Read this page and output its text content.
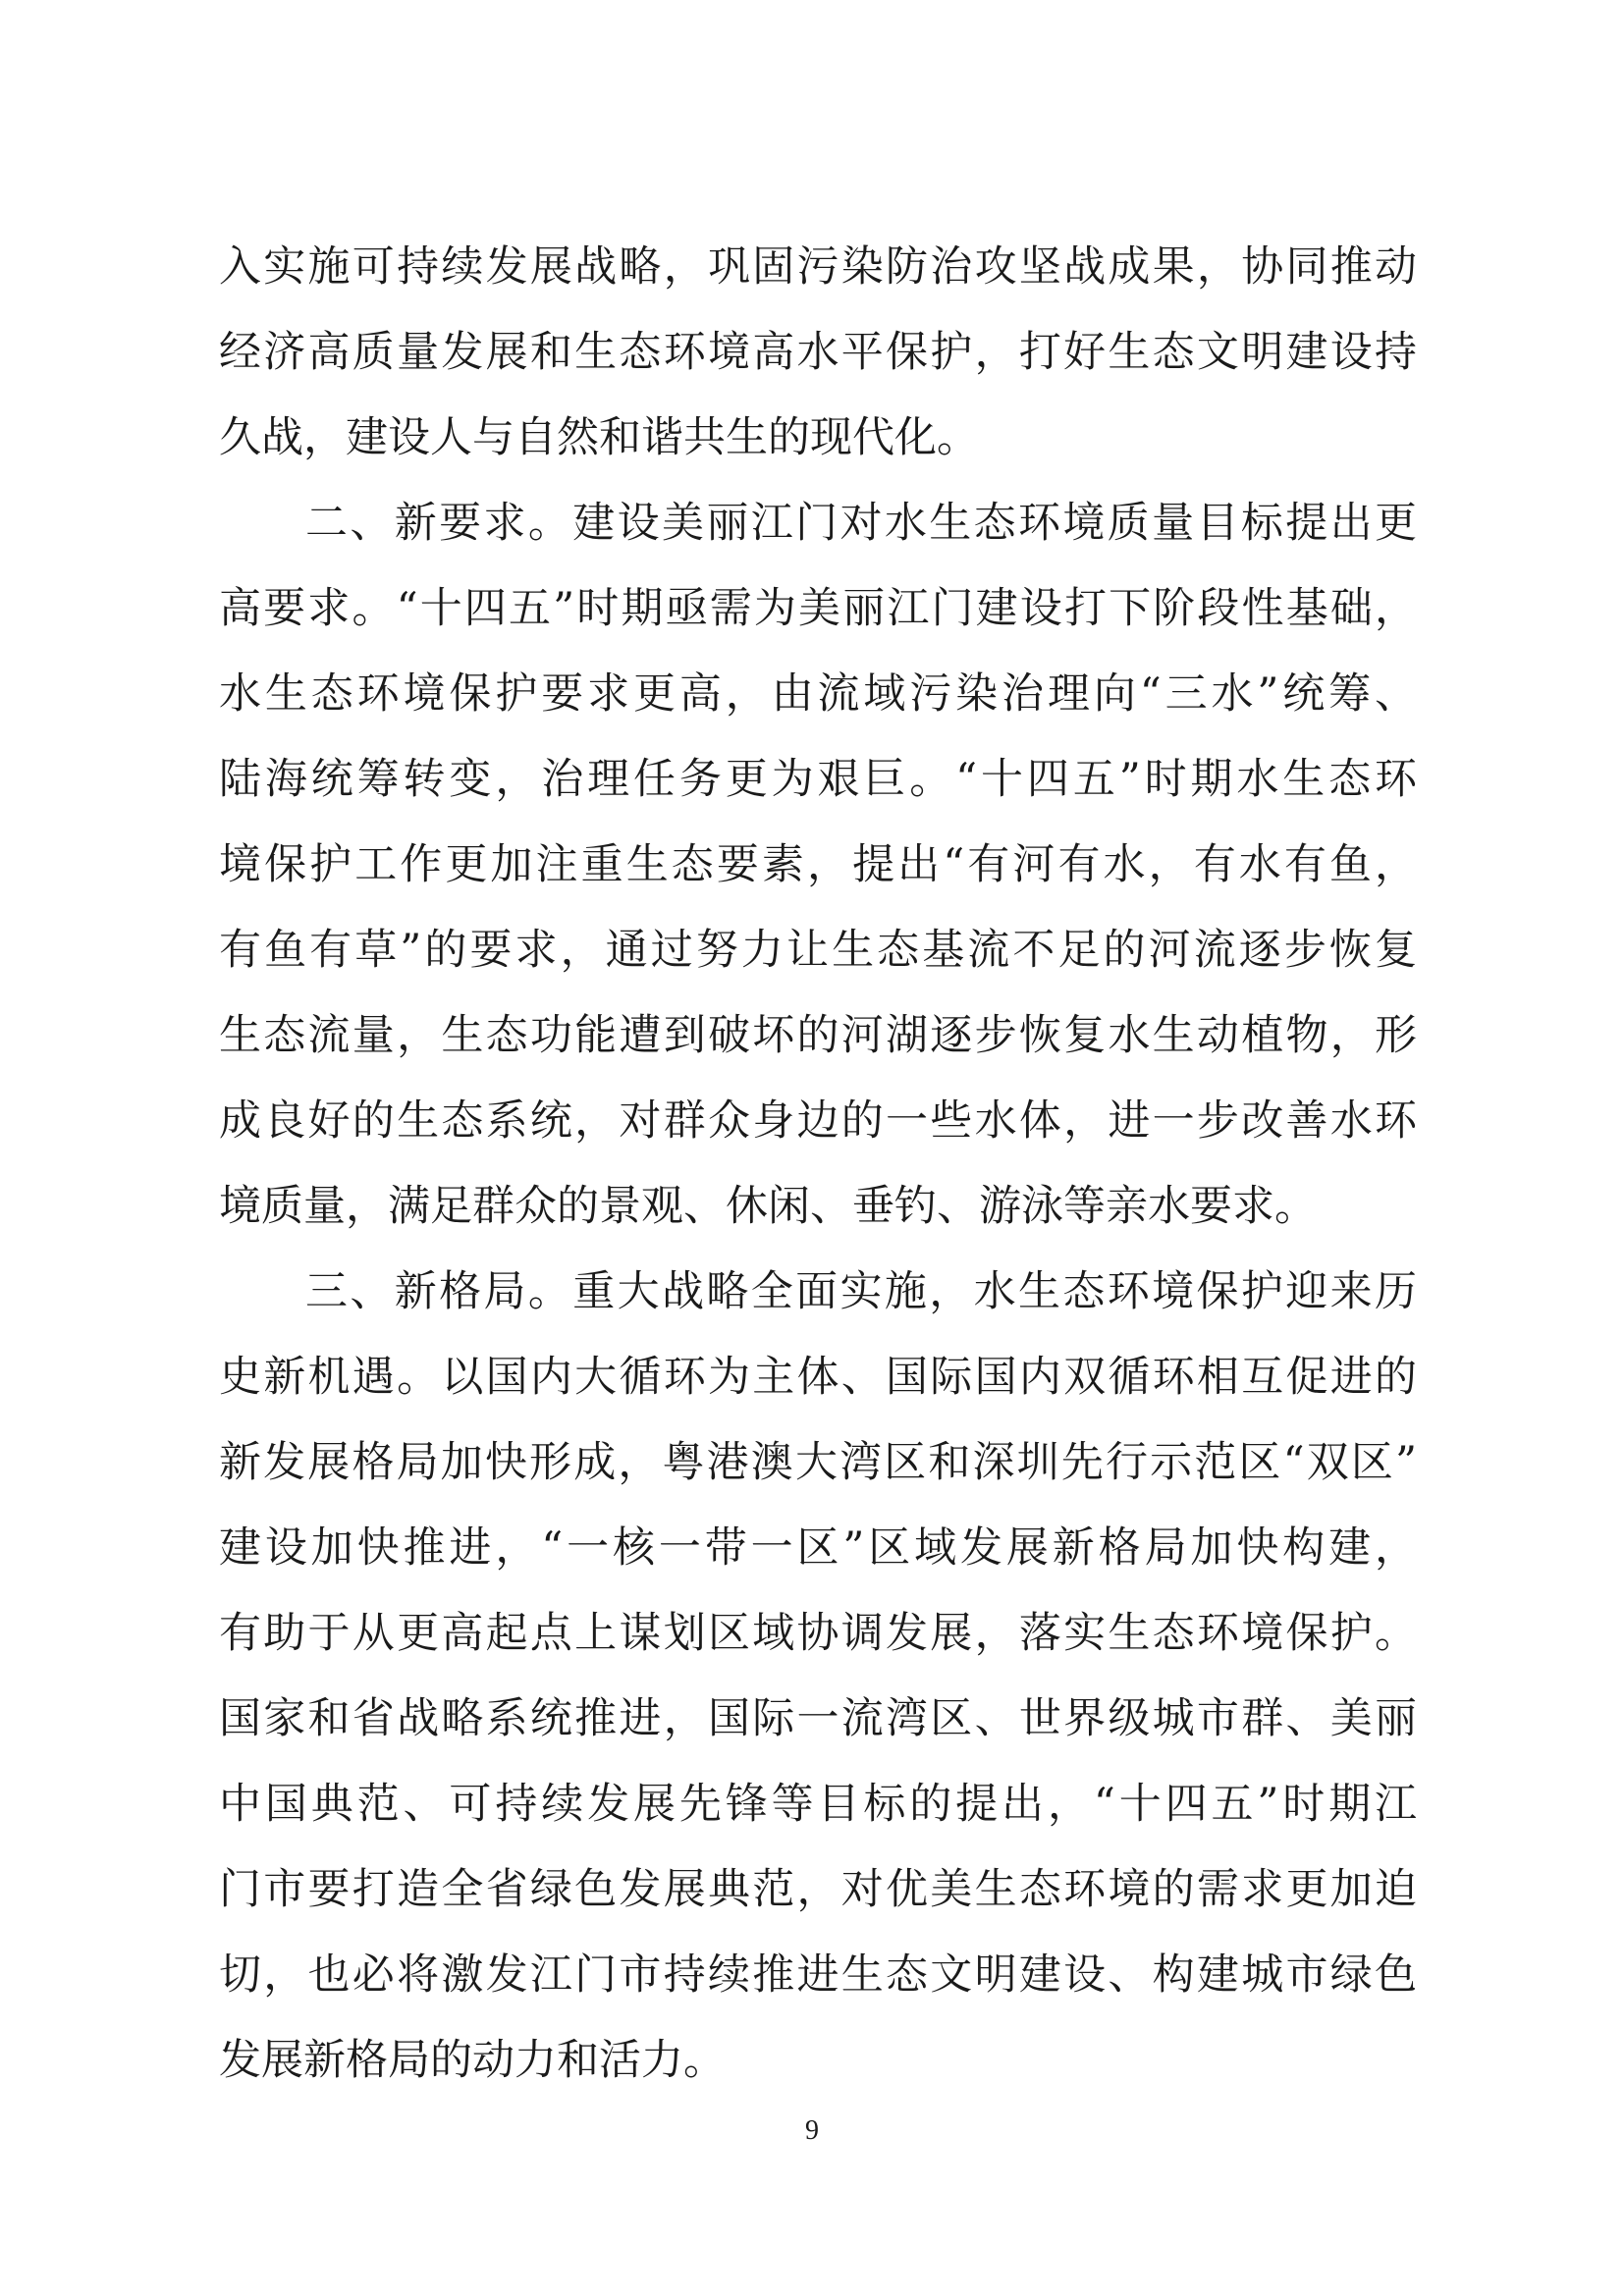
入实施可持续发展战略，巩固污染防治攻坚战成果，协同推动
经济高质量发展和生态环境高水平保护，打好生态文明建设持
久战，建设人与自然和谐共生的现代化。
二、新要求。建设美丽江门对水生态环境质量目标提出更
高要求。“十四五”时期亟需为美丽江门建设打下阶段性基础，
水生态环境保护要求更高，由流域污染治理向“三水”统筹、
陆海统筹转变，治理任务更为艰巨。“十四五”时期水生态环
境保护工作更加注重生态要素，提出“有河有水，有水有鱼，
有鱼有草”的要求，通过努力让生态基流不足的河流逐步恢复
生态流量，生态功能遭到破坏的河湖逐步恢复水生动植物，形
成良好的生态系统，对群众身边的一些水体，进一步改善水环
境质量，满足群众的景观、休闲、垂钓、游泳等亲水要求。
三、新格局。重大战略全面实施，水生态环境保护迎来历
史新机遇。以国内大循环为主体、国际国内双循环相互促进的
新发展格局加快形成，粤港澳大湾区和深圳先行示范区“双区”
建设加快推进，“一核一带一区”区域发展新格局加快构建，
有助于从更高起点上谋划区域协调发展，落实生态环境保护。
国家和省战略系统推进，国际一流湾区、世界级城市群、美丽
中国典范、可持续发展先锋等目标的提出，“十四五”时期江
门市要打造全省绿色发展典范，对优美生态环境的需求更加迫
切，也必将激发江门市持续推进生态文明建设、构建城市绿色
发展新格局的动力和活力。
9
